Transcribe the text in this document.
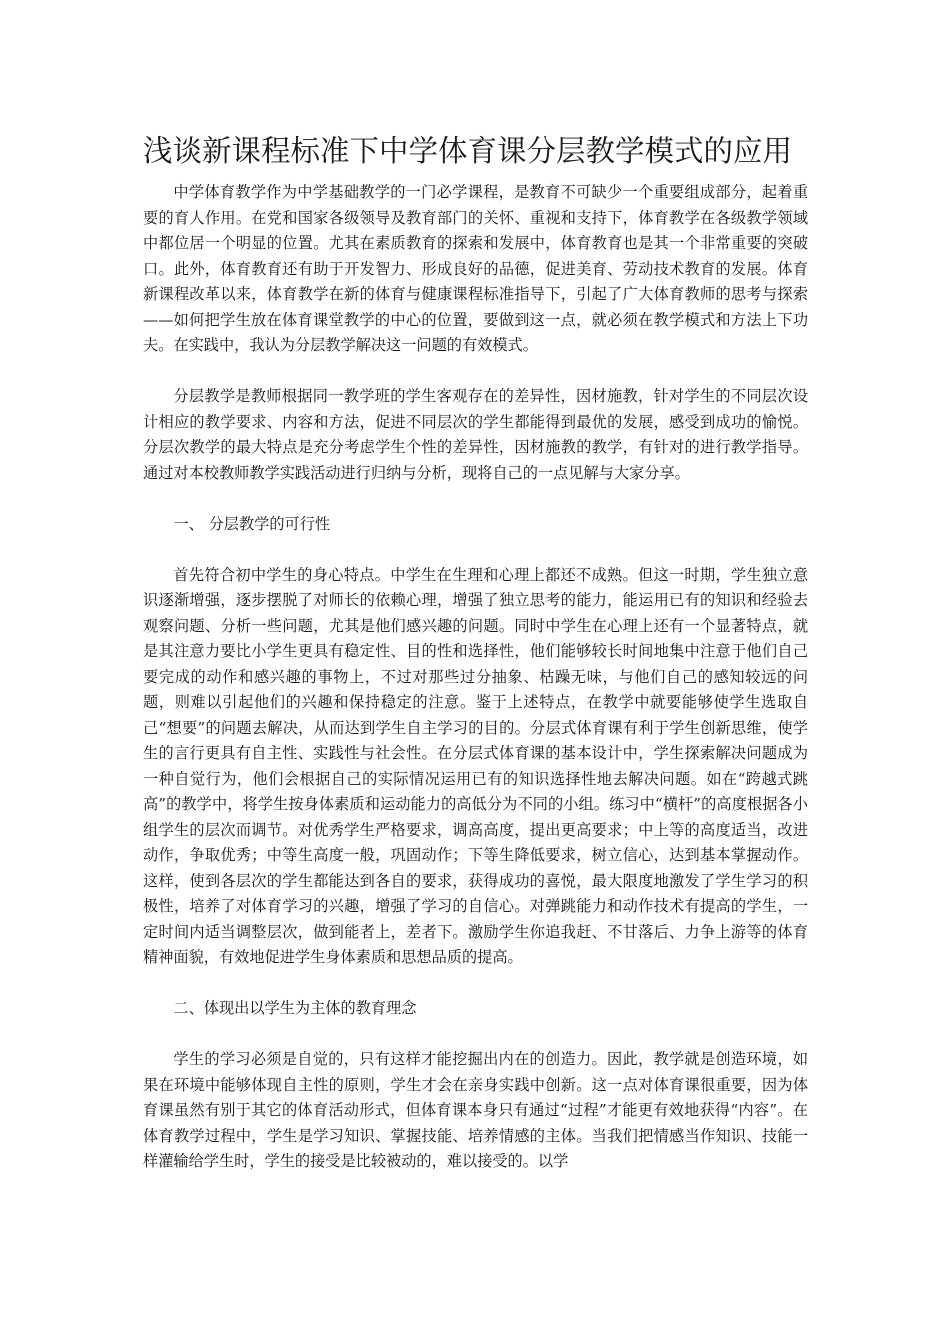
浅谈新课程标准下中学体育课分层教学模式的应用

中学体育教学作为中学基础教学的一门必学课程，是教育不可缺少一个重要组成部分，起着重要的育人作用。在党和国家各级领导及教育部门的关怀、重视和支持下，体育教学在各级教学领域中都位居一个明显的位置。尤其在素质教育的探索和发展中，体育教育也是其一个非常重要的突破口。此外，体育教育还有助于开发智力、形成良好的品德，促进美育、劳动技术教育的发展。体育新课程改革以来，体育教学在新的体育与健康课程标准指导下，引起了广大体育教师的思考与探索——如何把学生放在体育课堂教学的中心的位置，要做到这一点，就必须在教学模式和方法上下功夫。在实践中，我认为分层教学解决这一问题的有效模式。

分层教学是教师根据同一教学班的学生客观存在的差异性，因材施教，针对学生的不同层次设计相应的教学要求、内容和方法，促进不同层次的学生都能得到最优的发展，感受到成功的愉悦。分层次教学的最大特点是充分考虑学生个性的差异性，因材施教的教学，有针对的进行教学指导。通过对本校教师教学实践活动进行归纳与分析，现将自己的一点见解与大家分享。

一、 分层教学的可行性

首先符合初中学生的身心特点。中学生在生理和心理上都还不成熟。但这一时期，学生独立意识逐渐增强，逐步摆脱了对师长的依赖心理，增强了独立思考的能力，能运用已有的知识和经验去观察问题、分析一些问题，尤其是他们感兴趣的问题。同时中学生在心理上还有一个显著特点，就是其注意力要比小学生更具有稳定性、目的性和选择性，他们能够较长时间地集中注意于他们自己要完成的动作和感兴趣的事物上，不过对那些过分抽象、枯躁无味，与他们自己的感知较远的问题，则难以引起他们的兴趣和保持稳定的注意。鉴于上述特点，在教学中就要能够使学生选取自己“想要”的问题去解决，从而达到学生自主学习的目的。分层式体育课有利于学生创新思维，使学生的言行更具有自主性、实践性与社会性。在分层式体育课的基本设计中，学生探索解决问题成为一种自觉行为，他们会根据自己的实际情况运用已有的知识选择性地去解决问题。如在“跨越式跳高”的教学中，将学生按身体素质和运动能力的高低分为不同的小组。练习中“横杆”的高度根据各小组学生的层次而调节。对优秀学生严格要求，调高高度，提出更高要求；中上等的高度适当，改进动作，争取优秀；中等生高度一般，巩固动作；下等生降低要求，树立信心，达到基本掌握动作。这样，使到各层次的学生都能达到各自的要求，获得成功的喜悦，最大限度地激发了学生学习的积极性，培养了对体育学习的兴趣，增强了学习的自信心。对弹跳能力和动作技术有提高的学生，一定时间内适当调整层次，做到能者上，差者下。激励学生你追我赶、不甘落后、力争上游等的体育精神面貌，有效地促进学生身体素质和思想品质的提高。

二、体现出以学生为主体的教育理念

学生的学习必须是自觉的，只有这样才能挖掘出内在的创造力。因此，教学就是创造环境，如果在环境中能够体现自主性的原则，学生才会在亲身实践中创新。这一点对体育课很重要，因为体育课虽然有别于其它的体育活动形式，但体育课本身只有通过“过程”才能更有效地获得“内容”。在体育教学过程中，学生是学习知识、掌握技能、培养情感的主体。当我们把情感当作知识、技能一样灌输给学生时，学生的接受是比较被动的，难以接受的。以学
